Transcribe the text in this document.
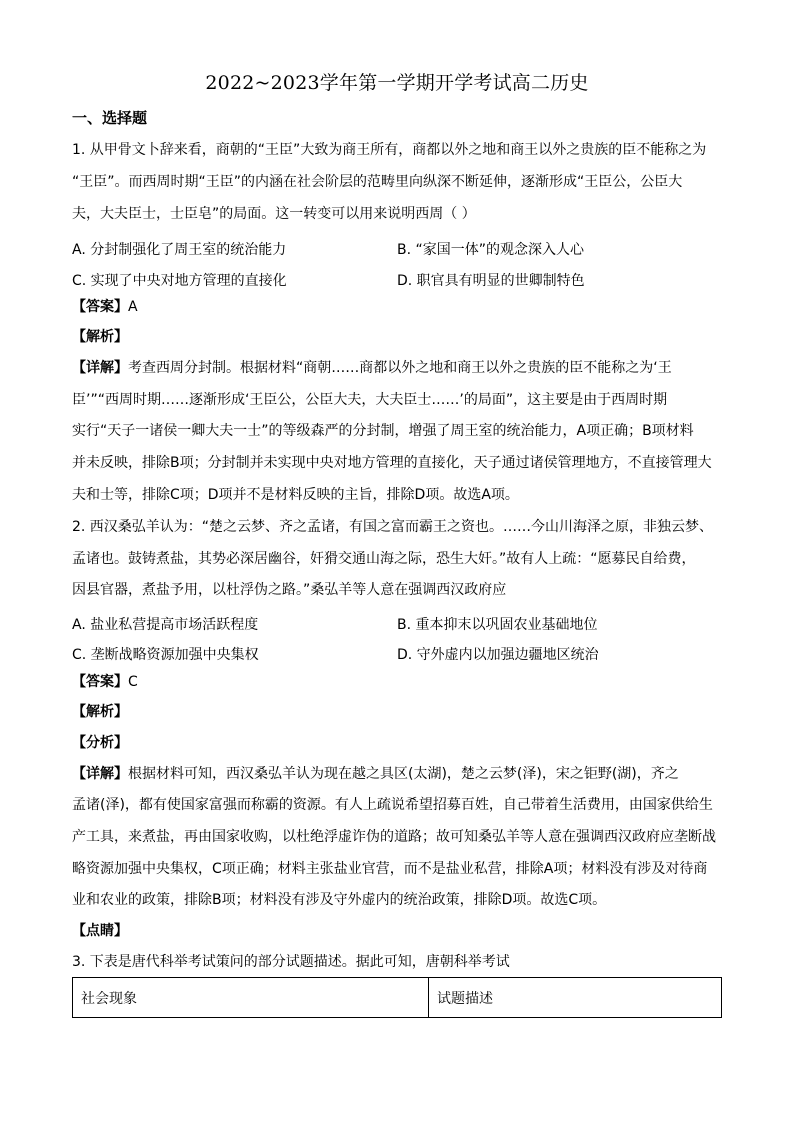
2022~2023学年第一学期开学考试高二历史
一、选择题
1. 从甲骨文卜辞来看，商朝的“王臣”大致为商王所有，商都以外之地和商王以外之贵族的臣不能称之为
“王臣”。而西周时期“王臣”的内涵在社会阶层的范畴里向纵深不断延伸，逐渐形成“王臣公，公臣大
夫，大夫臣士，士臣皂”的局面。这一转变可以用来说明西周（ ）
A. 分封制强化了周王室的统治能力	B. “家国一体”的观念深入人心
C. 实现了中央对地方管理的直接化	D. 职官具有明显的世卿制特色
【答案】A
【解析】
【详解】考查西周分封制。根据材料“商朝……商都以外之地和商王以外之贵族的臣不能称之为‘王
臣’”“西周时期……逐渐形成‘王臣公，公臣大夫，大夫臣士……’的局面”，这主要是由于西周时期
实行“天子一诸侯一卿大夫一士”的等级森严的分封制，增强了周王室的统治能力，A项正确；B项材料
并未反映，排除B项；分封制并未实现中央对地方管理的直接化，天子通过诸侯管理地方，不直接管理大
夫和士等，排除C项；D项并不是材料反映的主旨，排除D项。故选A项。
2. 西汉桑弘羊认为：“楚之云梦、齐之孟诸，有国之富而霸王之资也。……今山川海泽之原，非独云梦、
孟诸也。鼓铸煮盐，其势必深居幽谷，奸猾交通山海之际，恐生大奸。”故有人上疏：“愿募民自给费，
因县官器，煮盐予用，以杜浮伪之路。”桑弘羊等人意在强调西汉政府应
A. 盐业私营提高市场活跃程度	B. 重本抑末以巩固农业基础地位
C. 垄断战略资源加强中央集权	D. 守外虚内以加强边疆地区统治
【答案】C
【解析】
【分析】
【详解】根据材料可知，西汉桑弘羊认为现在越之具区(太湖)，楚之云梦(泽)，宋之钜野(湖)，齐之
孟诸(泽)，都有使国家富强而称霸的资源。有人上疏说希望招募百姓，自己带着生活费用，由国家供给生
产工具，来煮盐，再由国家收购，以杜绝浮虚诈伪的道路；故可知桑弘羊等人意在强调西汉政府应垄断战
略资源加强中央集权，C项正确；材料主张盐业官营，而不是盐业私营，排除A项；材料没有涉及对待商
业和农业的政策，排除B项；材料没有涉及守外虚内的统治政策，排除D项。故选C项。
【点睛】
3. 下表是唐代科举考试策问的部分试题描述。据此可知，唐朝科举考试
社会现象	试题描述
